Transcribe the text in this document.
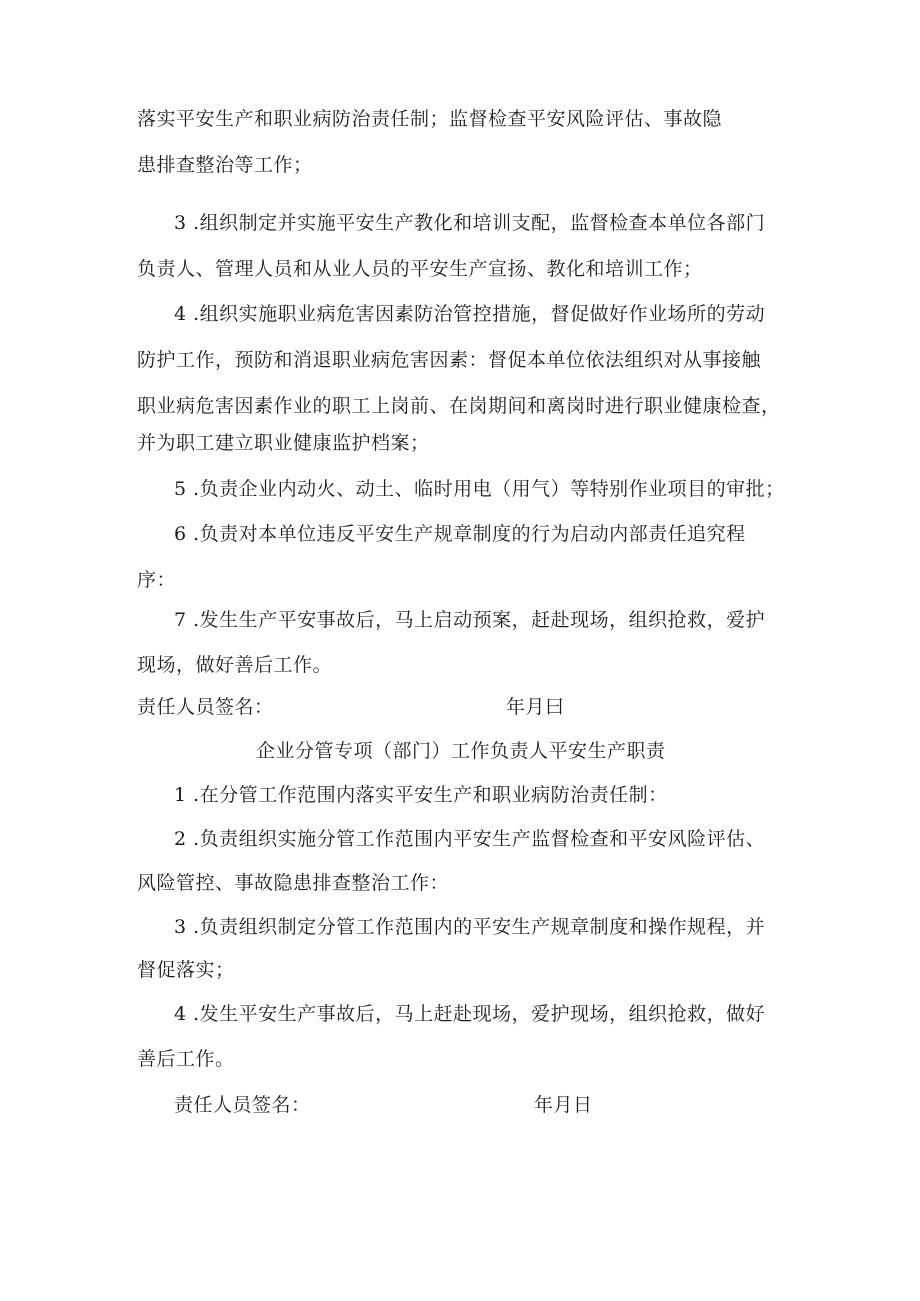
落实平安生产和职业病防治责任制；监督检查平安风险评估、事故隐
患排查整治等工作；
3 .组织制定并实施平安生产教化和培训支配，监督检查本单位各部门
负责人、管理人员和从业人员的平安生产宣扬、教化和培训工作；
4 .组织实施职业病危害因素防治管控措施，督促做好作业场所的劳动
防护工作，预防和消退职业病危害因素：督促本单位依法组织对从事接触
职业病危害因素作业的职工上岗前、在岗期间和离岗时进行职业健康检查，
并为职工建立职业健康监护档案；
5 .负责企业内动火、动土、临时用电（用气）等特别作业项目的审批；
6 .负责对本单位违反平安生产规章制度的行为启动内部责任追究程
序：
7 .发生生产平安事故后，马上启动预案，赶赴现场，组织抢救，爱护
现场，做好善后工作。
责任人员签名：	年月曰
企业分管专项（部门）工作负责人平安生产职责
1 .在分管工作范围内落实平安生产和职业病防治责任制：
2 .负责组织实施分管工作范围内平安生产监督检查和平安风险评估、
风险管控、事故隐患排查整治工作：
3 .负责组织制定分管工作范围内的平安生产规章制度和操作规程，并
督促落实；
4 .发生平安生产事故后，马上赶赴现场，爱护现场，组织抢救，做好
善后工作。
责任人员签名：	年月日
